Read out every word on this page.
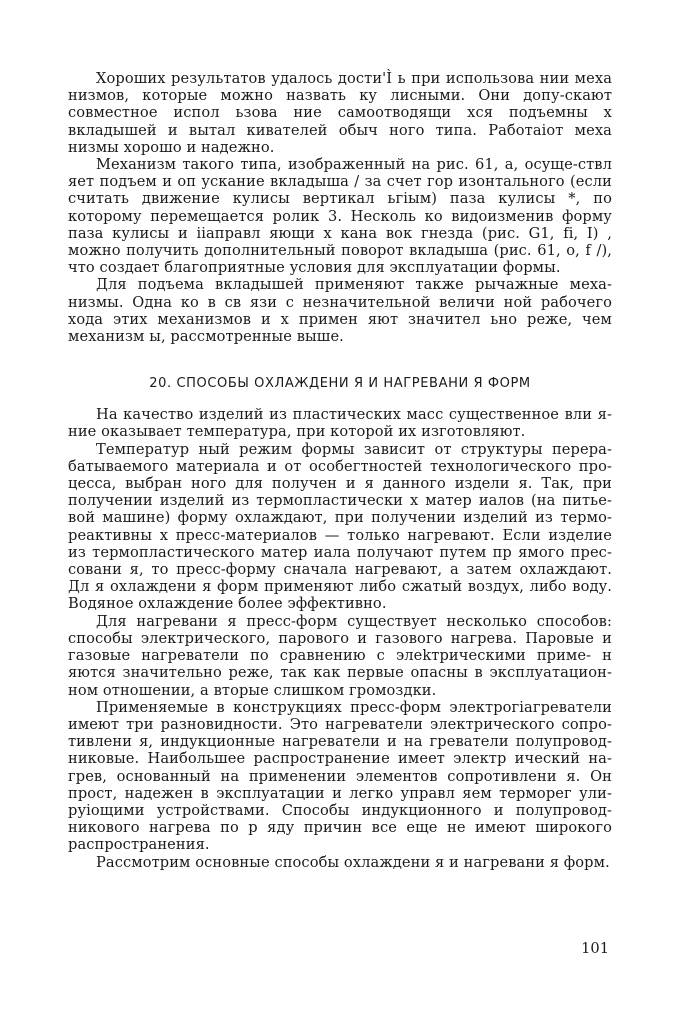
Хороших результатов удалось дости'Ì ь при использова нии меха низмов, которые можно назвать ку лисными. Они допу-скают совместное испол ьзова ние самоотводящи хся подъемны х вкладышей и вытал кивателей обыч ного типа. Работаiот меха низмы хорошо и надежно.

Механизм такого типа, изображенный на рис. 61, а, осуще-ствл яет подъем и оп ускание вкладыша / за счет гор изонтального (если считать движение кулисы вертикал ьгiым) паза кулисы *, по которому перемещается ролик 3. Несколь ко видоизменив форму паза кулисы и iiаправл яющи х кана вок гнезда (рис. G1, fi, I) , можно получить дополнительный поворот вкладыша (рис. 61, о, f /), что создает благоприятные условия для эксплуатации формы.

Для подъема вкладышей применяют также рычажные меха-низмы. Одна ко в св язи с незначительной величи ной рабочего хода этих механизмов и х примен яют значител ьно реже, чем механизм ы, рассмотренные выше.

20. СПОСОБЫ ОХЛАЖДЕНИ Я И НАГРЕВАНИ Я ФОРМ

На качество изделий из пластических масс существенное вли я-ние оказывает температура, при которой их изготовляют.

Температур ный режим формы зависит от структуры перера-батываемого материала и от особегтностей технологического про-цесса, выбран ного для получен и я данного издели я. Так, при получении изделий из термопластически х матер иалов (на питье-вой машине) форму охлаждают, при получении изделий из термо-реактивны х пресс-материалов — только нагревают. Если изделие из термопластического матер иала получают путем пр ямого прес-совани я, то пресс-форму сначала нагревают, а затем охлаждают. Дл я охлаждени я форм применяют либо сжатый воздух, либо воду. Водяное охлаждение более эффективно.

Для нагревани я пресс-форм существует несколько способов: способы электрического, парового и газового нагрева. Паровые и газовые нагреватели по сравнению с элеkтрическими приме- н яются значительно реже, так как первые опасны в эксплуатацион-ном отношении, а вторые слишком громоздки.

Применяемые в конструкциях пресс-форм электрогiагреватели имеют три разновидности. Это нагреватели электрического сопро-тивлени я, индукционные нагреватели и на греватели полупровод-никовые. Наибольшее распространение имеет электр ический на-грев, основанный на применении элементов сопротивлени я. Он прост, надежен в эксплуатации и легко управл яем терморег ули-руiощими устройствами. Способы индукционного и полупровод-никового нагрева по р яду причин все еще не имеют широкого распространения.

Рассмотрим основные способы охлаждени я и нагревани я форм.

101
